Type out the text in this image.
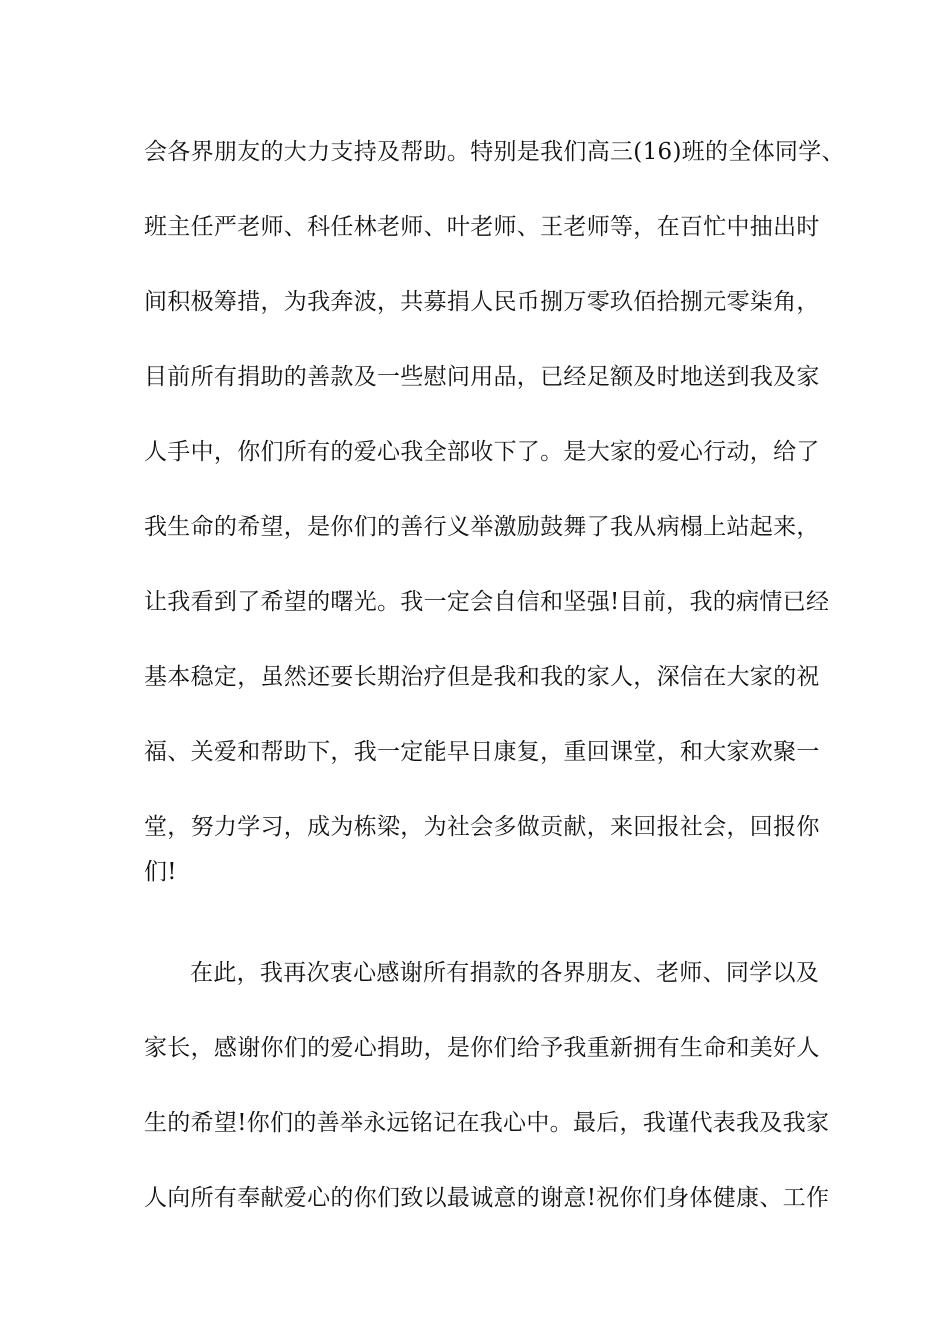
会各界朋友的大力支持及帮助。特别是我们高三(16)班的全体同学、
班主任严老师、科任林老师、叶老师、王老师等，在百忙中抽出时
间积极筹措，为我奔波，共募捐人民币捌万零玖佰拾捌元零柒角，
目前所有捐助的善款及一些慰问用品，已经足额及时地送到我及家
人手中，你们所有的爱心我全部收下了。是大家的爱心行动，给了
我生命的希望，是你们的善行义举激励鼓舞了我从病榻上站起来，
让我看到了希望的曙光。我一定会自信和坚强!目前，我的病情已经
基本稳定，虽然还要长期治疗但是我和我的家人，深信在大家的祝
福、关爱和帮助下，我一定能早日康复，重回课堂，和大家欢聚一
堂，努力学习，成为栋梁，为社会多做贡献，来回报社会，回报你
们!
在此，我再次衷心感谢所有捐款的各界朋友、老师、同学以及
家长，感谢你们的爱心捐助，是你们给予我重新拥有生命和美好人
生的希望!你们的善举永远铭记在我心中。最后，我谨代表我及我家
人向所有奉献爱心的你们致以最诚意的谢意!祝你们身体健康、工作
